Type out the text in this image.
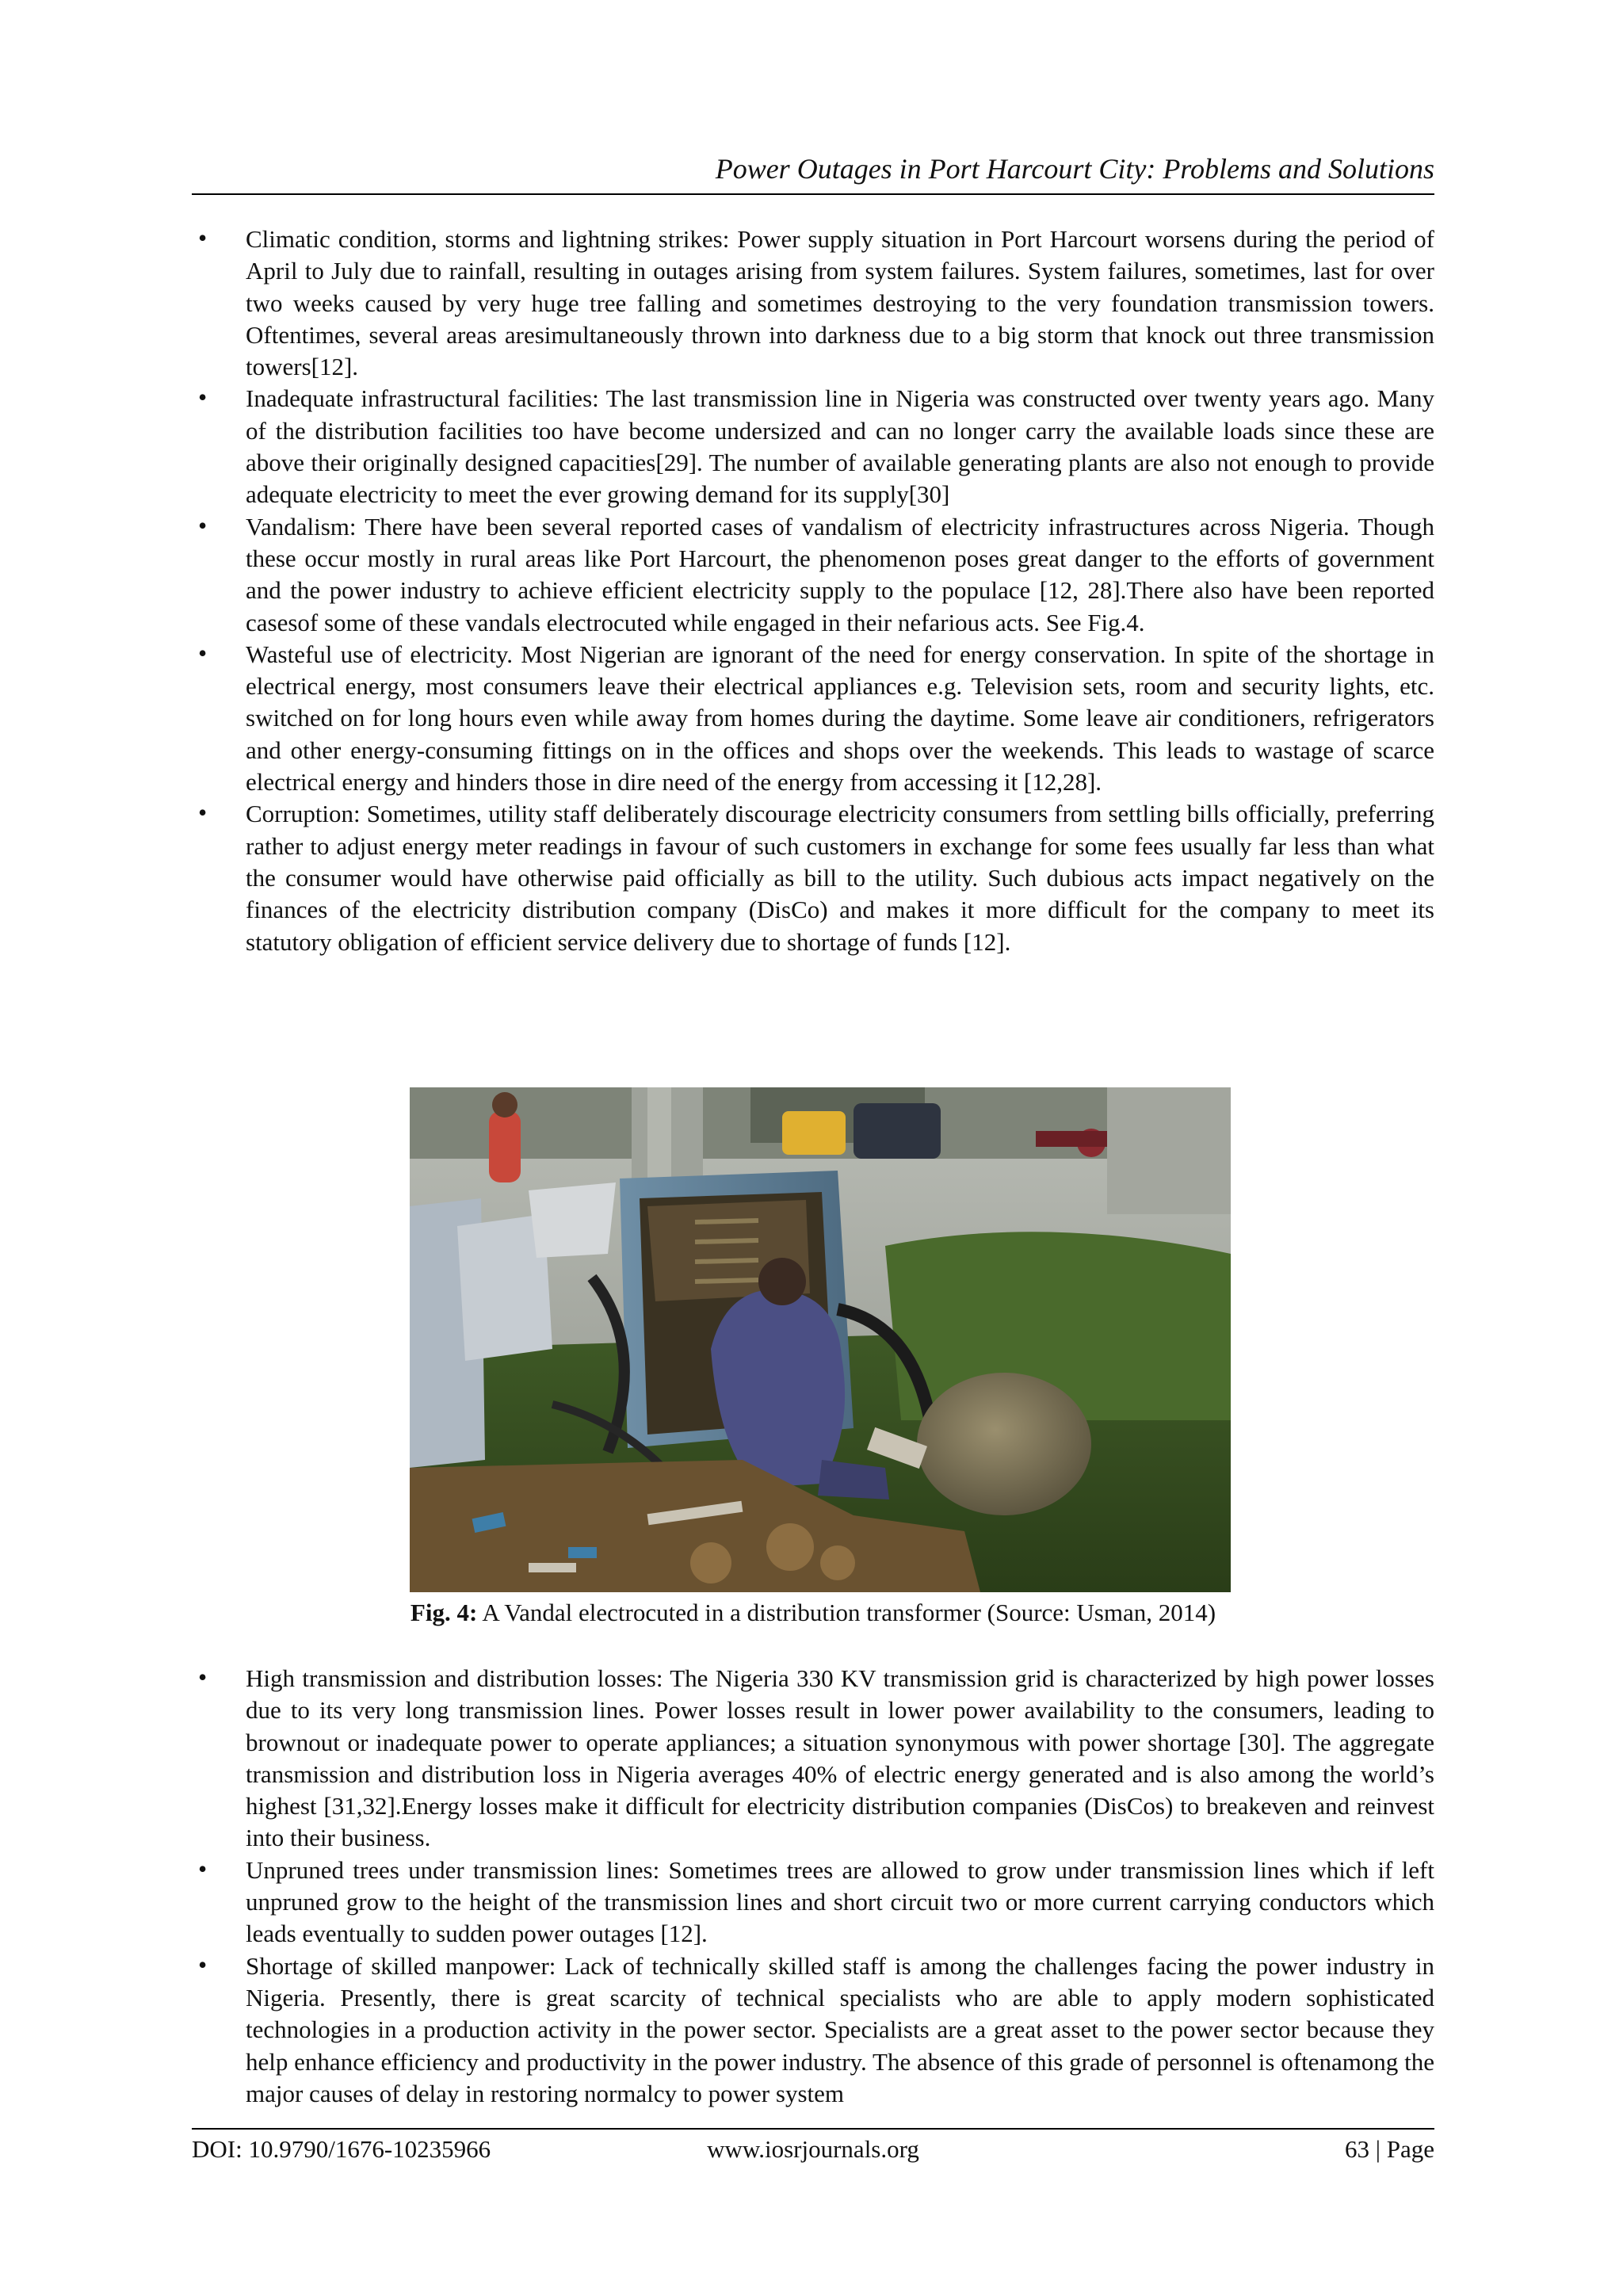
Power Outages in Port Harcourt City: Problems and Solutions

• Climatic condition, storms and lightning strikes: Power supply situation in Port Harcourt worsens during the period of April to July due to rainfall, resulting in outages arising from system failures. System failures, sometimes, last for over two weeks caused by very huge tree falling and sometimes destroying to the very foundation transmission towers. Oftentimes, several areas aresimultaneously thrown into darkness due to a big storm that knock out three transmission towers[12].

• Inadequate infrastructural facilities: The last transmission line in Nigeria was constructed over twenty years ago. Many of the distribution facilities too have become undersized and can no longer carry the available loads since these are above their originally designed capacities[29]. The number of available generating plants are also not enough to provide adequate electricity to meet the ever growing demand for its supply[30]

• Vandalism: There have been several reported cases of vandalism of electricity infrastructures across Nigeria. Though these occur mostly in rural areas like Port Harcourt, the phenomenon poses great danger to the efforts of government and the power industry to achieve efficient electricity supply to the populace [12, 28].There also have been reported casesof some of these vandals electrocuted while engaged in their nefarious acts. See Fig.4.

• Wasteful use of electricity. Most Nigerian are ignorant of the need for energy conservation. In spite of the shortage in electrical energy, most consumers leave their electrical appliances e.g. Television sets, room and security lights, etc. switched on for long hours even while away from homes during the daytime. Some leave air conditioners, refrigerators and other energy-consuming fittings on in the offices and shops over the weekends. This leads to wastage of scarce electrical energy and hinders those in dire need of the energy from accessing it [12,28].

• Corruption: Sometimes, utility staff deliberately discourage electricity consumers from settling bills officially, preferring rather to adjust energy meter readings in favour of such customers in exchange for some fees usually far less than what the consumer would have otherwise paid officially as bill to the utility. Such dubious acts impact negatively on the finances of the electricity distribution company (DisCo) and makes it more difficult for the company to meet its statutory obligation of efficient service delivery due to shortage of funds [12].

Fig. 4: A Vandal electrocuted in a distribution transformer (Source: Usman, 2014)

• High transmission and distribution losses: The Nigeria 330 KV transmission grid is characterized by high power losses due to its very long transmission lines. Power losses result in lower power availability to the consumers, leading to brownout or inadequate power to operate appliances; a situation synonymous with power shortage [30]. The aggregate transmission and distribution loss in Nigeria averages 40% of electric energy generated and is also among the world’s highest [31,32].Energy losses make it difficult for electricity distribution companies (DisCos) to breakeven and reinvest into their business.

• Unpruned trees under transmission lines: Sometimes trees are allowed to grow under transmission lines which if left unpruned grow to the height of the transmission lines and short circuit two or more current carrying conductors which leads eventually to sudden power outages [12].

• Shortage of skilled manpower: Lack of technically skilled staff is among the challenges facing the power industry in Nigeria. Presently, there is great scarcity of technical specialists who are able to apply modern sophisticated technologies in a production activity in the power sector. Specialists are a great asset to the power sector because they help enhance efficiency and productivity in the power industry. The absence of this grade of personnel is oftenamong the major causes of delay in restoring normalcy to power system

DOI: 10.9790/1676-10235966	www.iosrjournals.org	63 | Page
